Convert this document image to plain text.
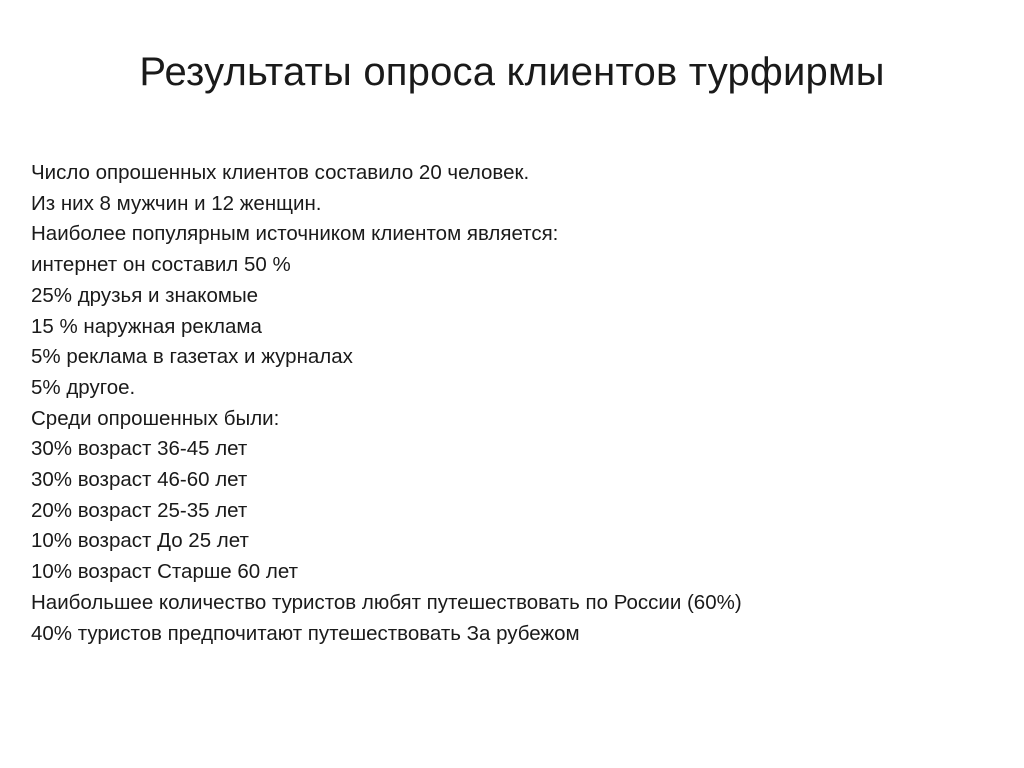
Результаты опроса клиентов турфирмы
Число опрошенных клиентов составило 20 человек.
Из них 8 мужчин и 12 женщин.
Наиболее популярным источником клиентом является:
интернет он составил 50 %
25% друзья и знакомые
15 % наружная реклама
5% реклама в газетах и журналах
5% другое.
Среди опрошенных были:
30% возраст 36-45 лет
30% возраст 46-60 лет
20% возраст 25-35 лет
10% возраст До 25 лет
10% возраст Старше 60 лет
Наибольшее количество туристов любят путешествовать по России (60%)
40% туристов предпочитают путешествовать За рубежом
